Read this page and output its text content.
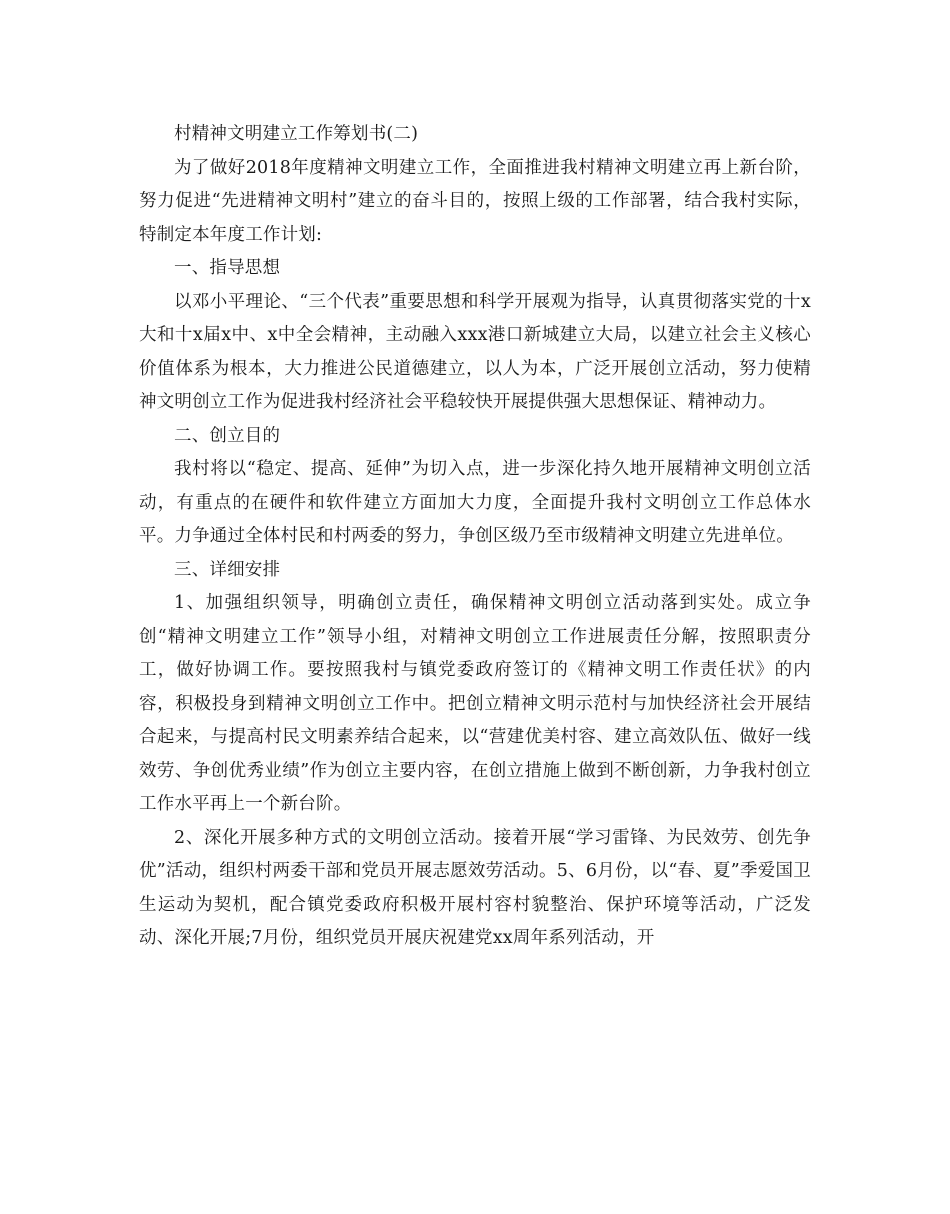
村精神文明建立工作筹划书(二)

为了做好2018年度精神文明建立工作，全面推进我村精神文明建立再上新台阶，努力促进“先进精神文明村”建立的奋斗目的，按照上级的工作部署，结合我村实际，特制定本年度工作计划:

一、指导思想

以邓小平理论、“三个代表”重要思想和科学开展观为指导，认真贯彻落实党的十x大和十x届x中、x中全会精神，主动融入xxx港口新城建立大局，以建立社会主义核心价值体系为根本，大力推进公民道德建立，以人为本，广泛开展创立活动，努力使精神文明创立工作为促进我村经济社会平稳较快开展提供强大思想保证、精神动力。

二、创立目的

我村将以“稳定、提高、延伸”为切入点，进一步深化持久地开展精神文明创立活动，有重点的在硬件和软件建立方面加大力度，全面提升我村文明创立工作总体水平。力争通过全体村民和村两委的努力，争创区级乃至市级精神文明建立先进单位。

三、详细安排

1、加强组织领导，明确创立责任，确保精神文明创立活动落到实处。成立争创“精神文明建立工作”领导小组，对精神文明创立工作进展责任分解，按照职责分工，做好协调工作。要按照我村与镇党委政府签订的《精神文明工作责任状》的内容，积极投身到精神文明创立工作中。把创立精神文明示范村与加快经济社会开展结合起来，与提高村民文明素养结合起来，以“营建优美村容、建立高效队伍、做好一线效劳、争创优秀业绩”作为创立主要内容，在创立措施上做到不断创新，力争我村创立工作水平再上一个新台阶。

2、深化开展多种方式的文明创立活动。接着开展“学习雷锋、为民效劳、创先争优”活动，组织村两委干部和党员开展志愿效劳活动。5、6月份，以“春、夏”季爱国卫生运动为契机，配合镇党委政府积极开展村容村貌整治、保护环境等活动，广泛发动、深化开展;7月份，组织党员开展庆祝建党xx周年系列活动，开
